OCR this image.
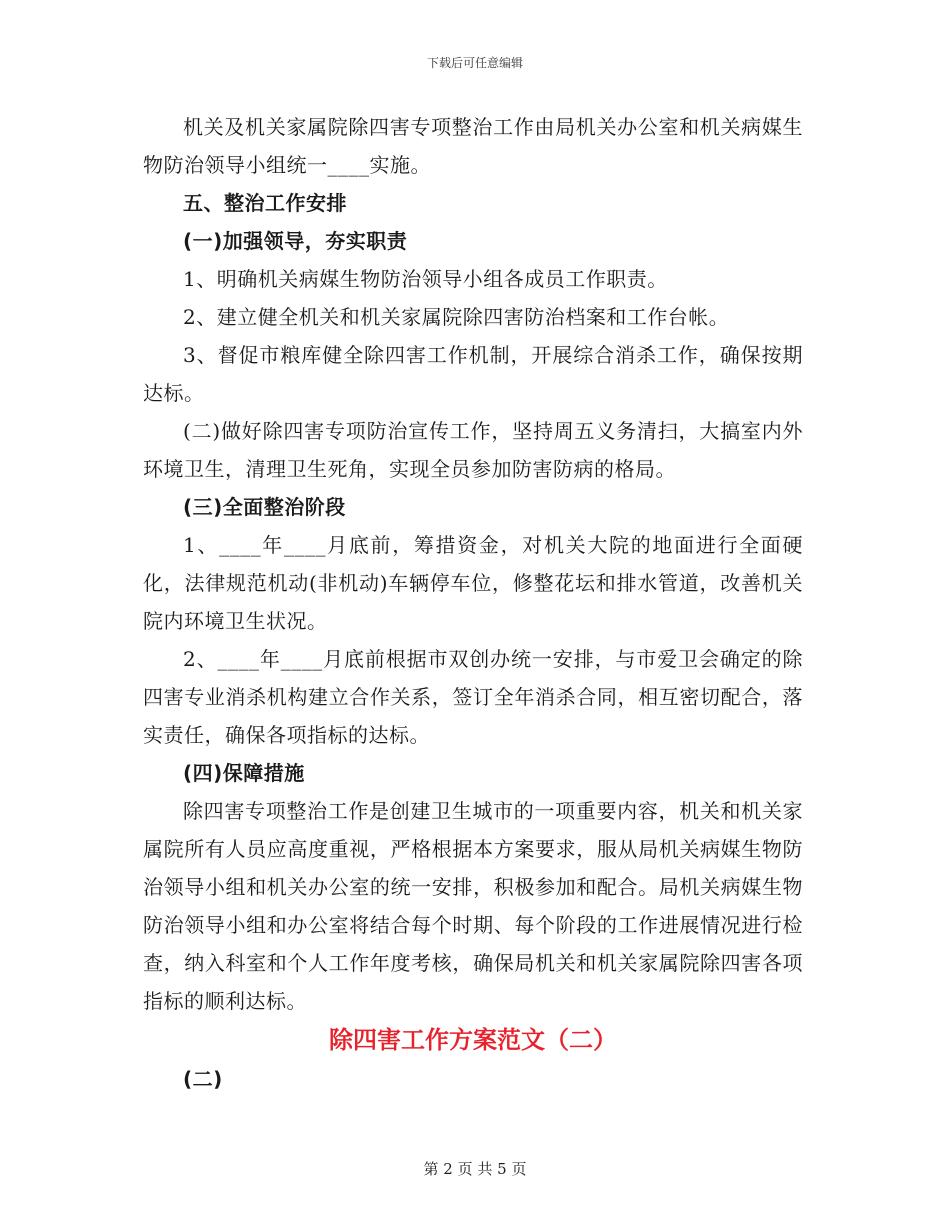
下载后可任意编辑

机关及机关家属院除四害专项整治工作由局机关办公室和机关病媒生物防治领导小组统一____实施。

五、整治工作安排

(一)加强领导，夯实职责

1、明确机关病媒生物防治领导小组各成员工作职责。

2、建立健全机关和机关家属院除四害防治档案和工作台帐。

3、督促市粮库健全除四害工作机制，开展综合消杀工作，确保按期达标。

(二)做好除四害专项防治宣传工作，坚持周五义务清扫，大搞室内外环境卫生，清理卫生死角，实现全员参加防害防病的格局。

(三)全面整治阶段

1、____年____月底前，筹措资金，对机关大院的地面进行全面硬化，法律规范机动(非机动)车辆停车位，修整花坛和排水管道，改善机关院内环境卫生状况。

2、____年____月底前根据市双创办统一安排，与市爱卫会确定的除四害专业消杀机构建立合作关系，签订全年消杀合同，相互密切配合，落实责任，确保各项指标的达标。

(四)保障措施

除四害专项整治工作是创建卫生城市的一项重要内容，机关和机关家属院所有人员应高度重视，严格根据本方案要求，服从局机关病媒生物防治领导小组和机关办公室的统一安排，积极参加和配合。局机关病媒生物防治领导小组和办公室将结合每个时期、每个阶段的工作进展情况进行检查，纳入科室和个人工作年度考核，确保局机关和机关家属院除四害各项指标的顺利达标。

除四害工作方案范文（二）

(二)

第 2 页 共 5 页
